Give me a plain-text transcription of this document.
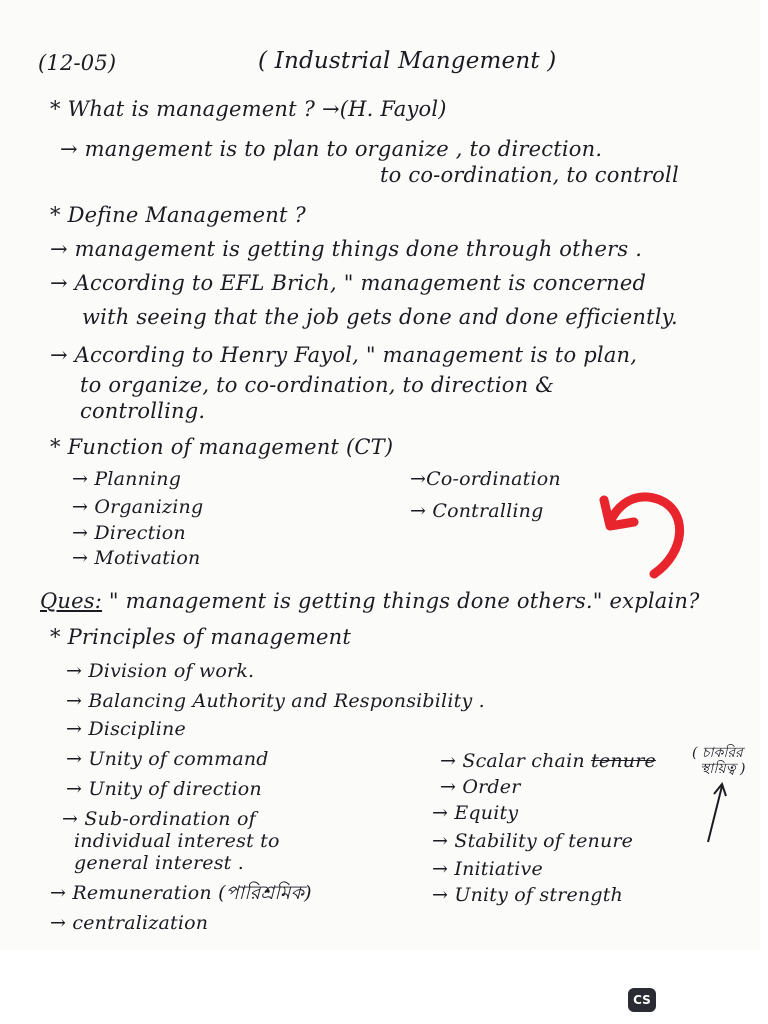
(12-05)	( Industrial Mangement )
* What is management ? →(H. Fayol)
→ mangement is to plan to organize , to direction.
to co-ordination, to controll
* Define Management ?
→ management is getting things done through others .
→ According to EFL Brich, " management is concerned
with seeing that the job gets done and done efficiently.
→ According to Henry Fayol, " management is to plan,
to organize, to co-ordination, to direction &
controlling.
* Function of management (CT)
→ Planning
→ Organizing
→ Direction
→ Motivation
→Co-ordination
→ Contralling
Ques: " management is getting things done others." explain?
* Principles of management
→ Division of work.
→ Balancing Authority and Responsibility .
→ Discipline
→ Unity of command
→ Unity of direction
→ Sub-ordination of
individual interest to
general interest .
→ Remuneration (পারিশ্রমিক)
→ centralization
→ Scalar chain tenure	( চাকরির
স্থায়িত্ব )
→ Order
→ Equity
→ Stability of tenure
→ Initiative
→ Unity of strength
CS
